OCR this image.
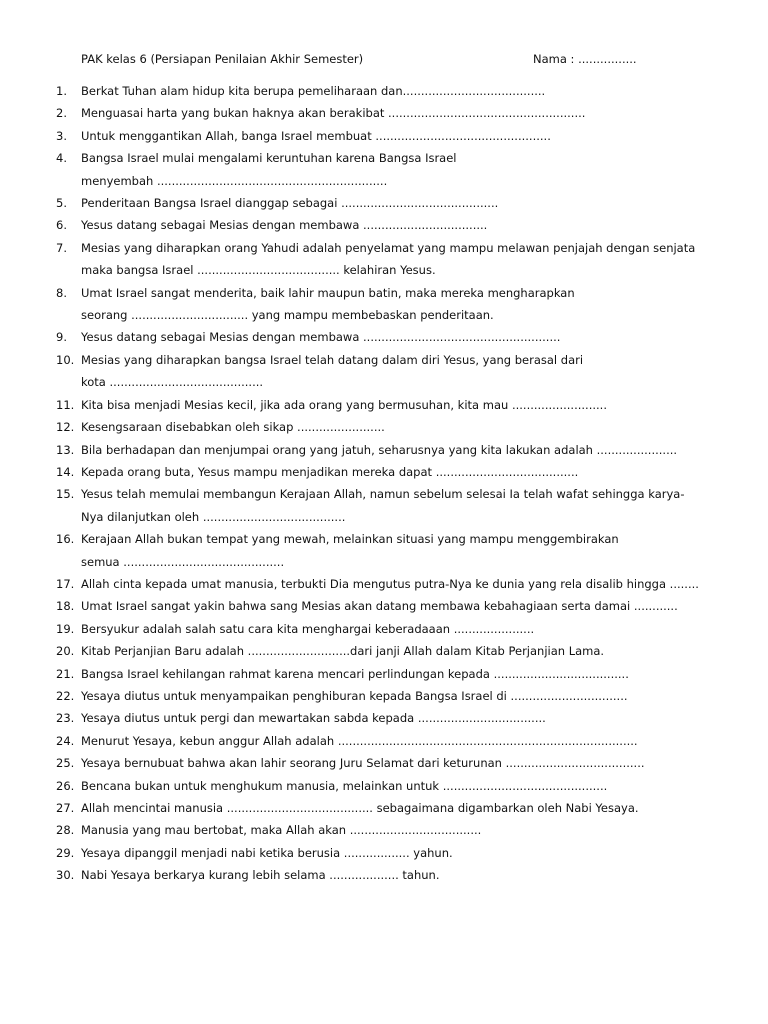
PAK kelas 6 (Persiapan Penilaian Akhir Semester)	Nama : ................
1.	Berkat Tuhan alam hidup kita berupa pemeliharaan dan.......................................
2.	Menguasai harta yang bukan haknya akan berakibat ......................................................
3.	Untuk menggantikan Allah, banga Israel membuat ................................................
4.	Bangsa Israel mulai mengalami keruntuhan karena Bangsa Israel
menyembah ...............................................................
5.	Penderitaan Bangsa Israel dianggap sebagai ...........................................
6.	Yesus datang sebagai Mesias dengan membawa ..................................
7.	Mesias yang diharapkan orang Yahudi adalah penyelamat yang mampu melawan penjajah dengan senjata
maka bangsa Israel ....................................... kelahiran Yesus.
8.	Umat Israel sangat menderita, baik lahir maupun batin, maka mereka mengharapkan
seorang ................................ yang mampu membebaskan penderitaan.
9.	Yesus datang sebagai Mesias dengan membawa ......................................................
10. Mesias yang diharapkan bangsa Israel telah datang dalam diri Yesus, yang berasal dari
kota ..........................................
11. Kita bisa menjadi Mesias kecil, jika ada orang yang bermusuhan, kita mau ..........................
12. Kesengsaraan disebabkan oleh sikap ........................
13. Bila berhadapan dan menjumpai orang yang jatuh, seharusnya yang kita lakukan adalah ......................
14. Kepada orang buta, Yesus mampu menjadikan mereka dapat .......................................
15. Yesus telah memulai membangun Kerajaan Allah, namun sebelum selesai Ia telah wafat sehingga karya-
Nya dilanjutkan oleh .......................................
16. Kerajaan Allah bukan tempat yang mewah, melainkan situasi yang mampu menggembirakan
semua ............................................
17. Allah cinta kepada umat manusia, terbukti Dia mengutus putra-Nya ke dunia yang rela disalib hingga ........
18. Umat Israel sangat yakin bahwa sang Mesias akan datang membawa kebahagiaan serta damai ............
19. Bersyukur adalah salah satu cara kita menghargai keberadaaan ......................
20. Kitab Perjanjian Baru adalah ............................dari janji Allah dalam Kitab Perjanjian Lama.
21. Bangsa Israel kehilangan rahmat karena mencari perlindungan kepada .....................................
22. Yesaya diutus untuk menyampaikan penghiburan kepada Bangsa Israel di ................................
23. Yesaya diutus untuk pergi dan mewartakan sabda kepada ...................................
24. Menurut Yesaya, kebun anggur Allah adalah ..................................................................................
25. Yesaya bernubuat bahwa akan lahir seorang Juru Selamat dari keturunan ......................................
26. Bencana bukan untuk menghukum manusia, melainkan untuk .............................................
27. Allah mencintai manusia ........................................ sebagaimana digambarkan oleh Nabi Yesaya.
28. Manusia yang mau bertobat, maka Allah akan ....................................
29. Yesaya dipanggil menjadi nabi ketika berusia .................. yahun.
30. Nabi Yesaya berkarya kurang lebih selama ................... tahun.
